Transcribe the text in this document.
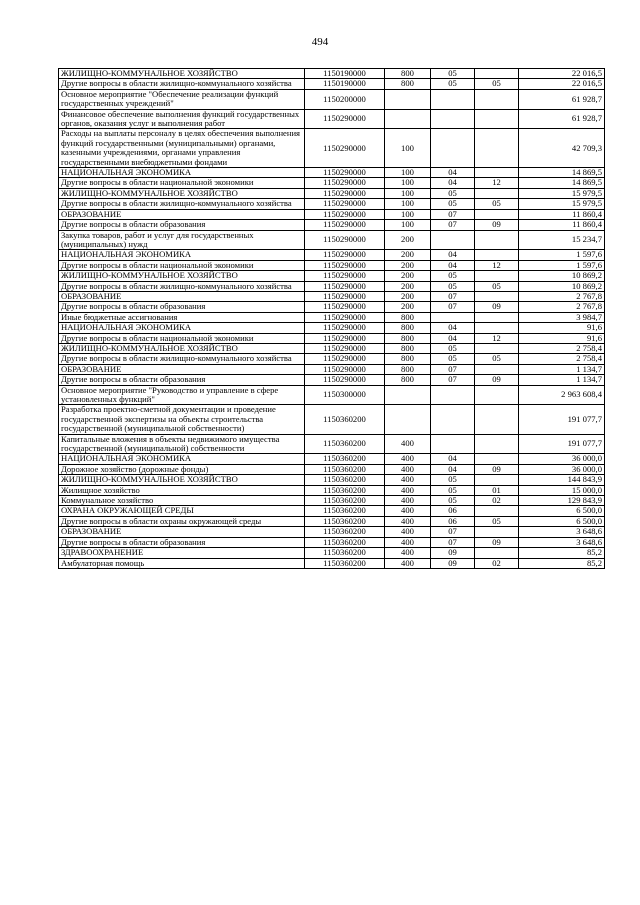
494
ЖИЛИЩНО-КОММУНАЛЬНОЕ ХОЗЯЙСТВО	1150190000	800	05		22 016,5
Другие вопросы в области жилищно-коммунального хозяйства	1150190000	800	05	05	22 016,5
Основное мероприятие "Обеспечение реализации функций государственных учреждений"	1150200000				61 928,7
Финансовое обеспечение выполнения функций государственных органов, оказания услуг и выполнения работ	1150290000				61 928,7
Расходы на выплаты персоналу в целях обеспечения выполнения функций государственными (муниципальными) органами, казенными учреждениями, органами управления государственными внебюджетными фондами	1150290000	100			42 709,3
НАЦИОНАЛЬНАЯ ЭКОНОМИКА	1150290000	100	04		14 869,5
Другие вопросы в области национальной экономики	1150290000	100	04	12	14 869,5
ЖИЛИЩНО-КОММУНАЛЬНОЕ ХОЗЯЙСТВО	1150290000	100	05		15 979,5
Другие вопросы в области жилищно-коммунального хозяйства	1150290000	100	05	05	15 979,5
ОБРАЗОВАНИЕ	1150290000	100	07		11 860,4
Другие вопросы в области образования	1150290000	100	07	09	11 860,4
Закупка товаров, работ и услуг для государственных (муниципальных) нужд	1150290000	200			15 234,7
НАЦИОНАЛЬНАЯ ЭКОНОМИКА	1150290000	200	04		1 597,6
Другие вопросы в области национальной экономики	1150290000	200	04	12	1 597,6
ЖИЛИЩНО-КОММУНАЛЬНОЕ ХОЗЯЙСТВО	1150290000	200	05		10 869,2
Другие вопросы в области жилищно-коммунального хозяйства	1150290000	200	05	05	10 869,2
ОБРАЗОВАНИЕ	1150290000	200	07		2 767,8
Другие вопросы в области образования	1150290000	200	07	09	2 767,8
Иные бюджетные ассигнования	1150290000	800			3 984,7
НАЦИОНАЛЬНАЯ ЭКОНОМИКА	1150290000	800	04		91,6
Другие вопросы в области национальной экономики	1150290000	800	04	12	91,6
ЖИЛИЩНО-КОММУНАЛЬНОЕ ХОЗЯЙСТВО	1150290000	800	05		2 758,4
Другие вопросы в области жилищно-коммунального хозяйства	1150290000	800	05	05	2 758,4
ОБРАЗОВАНИЕ	1150290000	800	07		1 134,7
Другие вопросы в области образования	1150290000	800	07	09	1 134,7
Основное мероприятие "Руководство и управление в сфере установленных функций"	1150300000				2 963 608,4
Разработка проектно-сметной документации и проведение государственной экспертизы на объекты строительства государственной (муниципальной собственности)	1150360200				191 077,7
Капитальные вложения в объекты недвижимого имущества государственной (муниципальной) собственности	1150360200	400			191 077,7
НАЦИОНАЛЬНАЯ ЭКОНОМИКА	1150360200	400	04		36 000,0
Дорожное хозяйство (дорожные фонды)	1150360200	400	04	09	36 000,0
ЖИЛИЩНО-КОММУНАЛЬНОЕ ХОЗЯЙСТВО	1150360200	400	05		144 843,9
Жилищное хозяйство	1150360200	400	05	01	15 000,0
Коммунальное хозяйство	1150360200	400	05	02	129 843,9
ОХРАНА ОКРУЖАЮЩЕЙ СРЕДЫ	1150360200	400	06		6 500,0
Другие вопросы в области охраны окружающей среды	1150360200	400	06	05	6 500,0
ОБРАЗОВАНИЕ	1150360200	400	07		3 648,6
Другие вопросы в области образования	1150360200	400	07	09	3 648,6
ЗДРАВООХРАНЕНИЕ	1150360200	400	09		85,2
Амбулаторная помощь	1150360200	400	09	02	85,2
